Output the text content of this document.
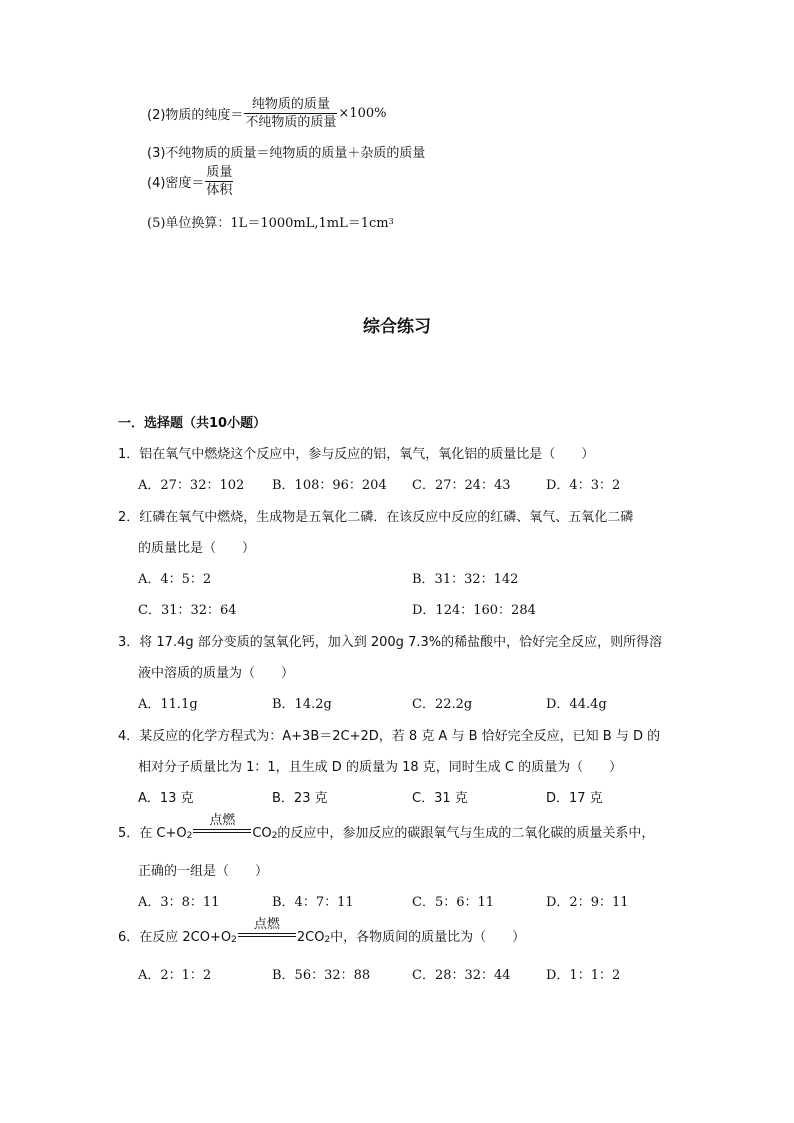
(2)物质的纯度＝ $\frac{\text{纯物质的质量}}{\text{不纯物质的质量}} \times 100\%$
(3)不纯物质的质量＝纯物质的质量＋杂质的质量
(4)密度＝ $\frac{\text{质量}}{\text{体积}}$
(5)单位换算：1L＝1000mL,1mL＝1cm 3
综合练习
一．选择题（共10小题）
1．铝在氧气中燃烧这个反应中，参与反应的铝，氧气，氧化铝的质量比是（　　）
A．27：32：102 B．108：96：204 C．27：24：43	D．4：3：2
2．红磷在氧气中燃烧，生成物是五氧化二磷．在该反应中反应的红磷、氧气、五氧化二磷
的质量比是（　　）
A．4：5：2	B．31：32：142
C．31：32：64	D．124：160：284
3．将 17.4g 部分变质的氢氧化钙，加入到 200g 7.3%的稀盐酸中，恰好完全反应，则所得溶
液中溶质的质量为（　　）
A．11.1g	B．14.2g	C．22.2g	D．44.4g
4．某反应的化学方程式为：A+3B＝2C+2D，若 8 克 A 与 B 恰好完全反应，已知 B 与 D 的
相对分子质量比为 1：1，且生成 D 的质量为 18 克，同时生成 C 的质量为（　　）
A．13 克	B．23 克	C．31 克	D．17 克
5．在 $C+O_2$
点燃
CO 2 的反应中，参加反应的碳跟氧气与生成的二氧化碳的质量关系中，
正确的一组是（　　）
A．3：8：11	B．4：7：11	C．5：6：11	D．2：9：11
6．在反应 $2CO+O_2$
点燃
2CO 2 中，各物质间的质量比为（　　）
A．2：1：2	B．56：32：88	C．28：32：44	D．1：1：2
